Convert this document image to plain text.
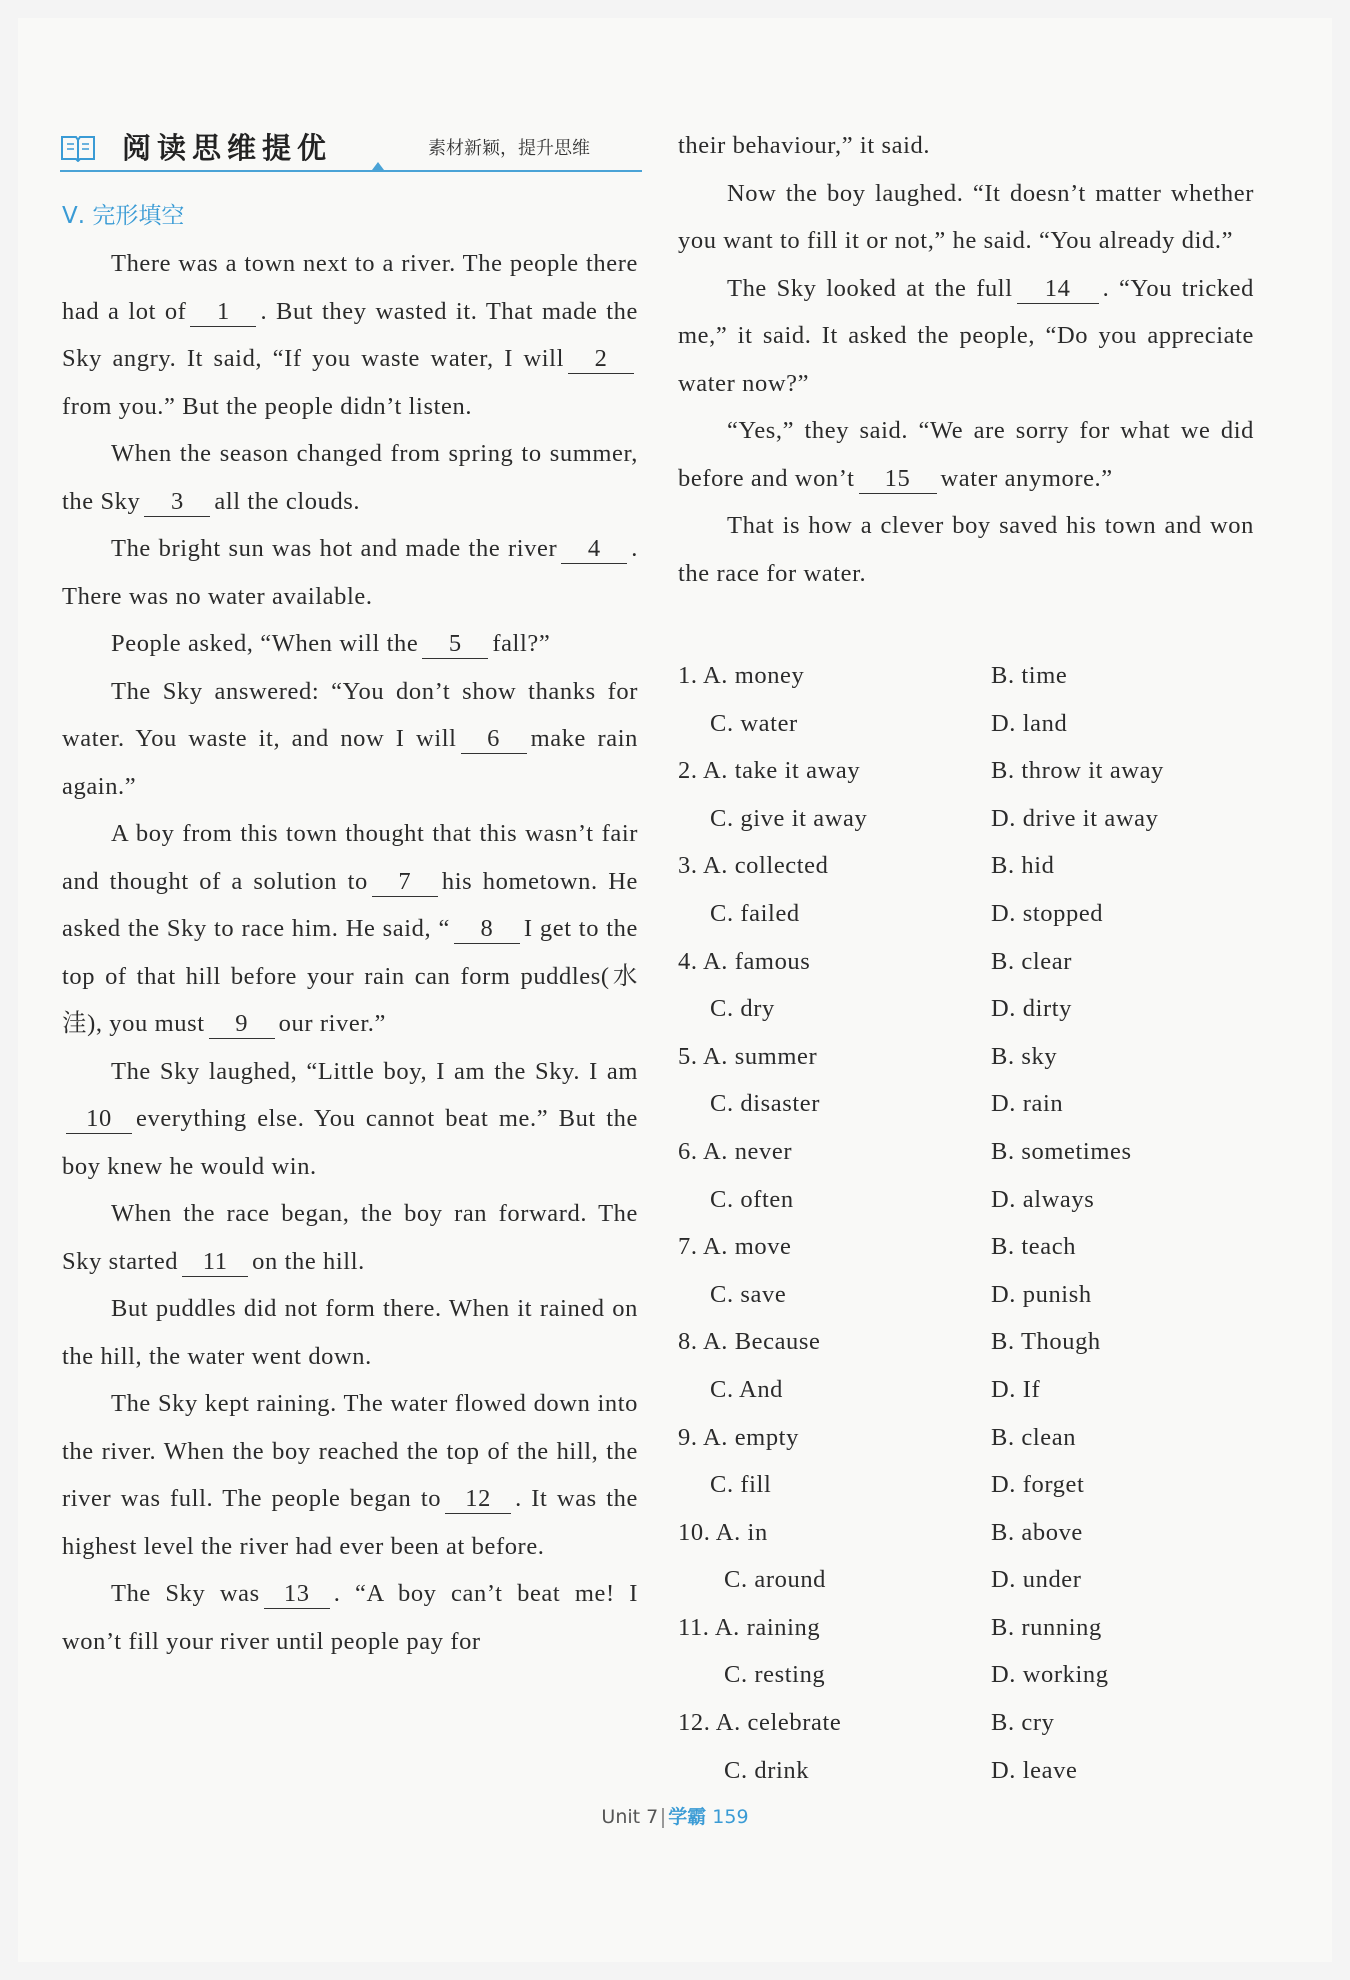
阅读思维提优	素材新颖，提升思维
Ⅴ. 完形填空

There was a town next to a river. The people there had a lot of 1 . But they wasted it. That made the Sky angry. It said, “If you waste water, I will 2from you.” But the people didn’t listen.

When the season changed from spring to summer, the Sky 3 all the clouds.

The bright sun was hot and made the river 4 . There was no water available.

People asked, “When will the 5 fall?”

The Sky answered: “You don’t show thanks for water. You waste it, and now I will 6 make rain again.”

A boy from this town thought that this wasn’t fair and thought of a solution to 7 his hometown. He asked the Sky to race him. He said, “ 8 I get to the top of that hill before your rain can form puddles(水洼), you must 9 our river.”

The Sky laughed, “Little boy, I am the Sky. I am10 everything else. You cannot beat me.” But the boy knew he would win.

When the race began, the boy ran forward. The Sky started 11 on the hill.

But puddles did not form there. When it rained on the hill, the water went down.

The Sky kept raining. The water flowed down into the river. When the boy reached the top of the hill, the river was full. The people began to 12 . It was the highest level the river had ever been at before.

The Sky was 13 . “A boy can’t beat me! I won’t fill your river until people pay for

their behaviour,” it said.

Now the boy laughed. “It doesn’t matter whether you want to fill it or not,” he said. “You already did.”

The Sky looked at the full 14 . “You tricked me,” it said. It asked the people, “Do you appreciate water now?”

“Yes,” they said. “We are sorry for what we did before and won’t 15 water anymore.”

That is how a clever boy saved his town and won the race for water.

1. A. money	B. time
C. water	D. land
2. A. take it away	B. throw it away
C. give it away	D. drive it away
3. A. collected	B. hid
C. failed	D. stopped
4. A. famous	B. clear
C. dry	D. dirty
5. A. summer	B. sky
C. disaster	D. rain
6. A. never	B. sometimes
C. often	D. always
7. A. move	B. teach
C. save	D. punish
8. A. Because	B. Though
C. And	D. If
9. A. empty	B. clean
C. fill	D. forget
10. A. in	B. above
C. around	D. under
11. A. raining	B. running
C. resting	D. working
12. A. celebrate	B. cry
C. drink	D. leave
Unit 7 学霸 159
